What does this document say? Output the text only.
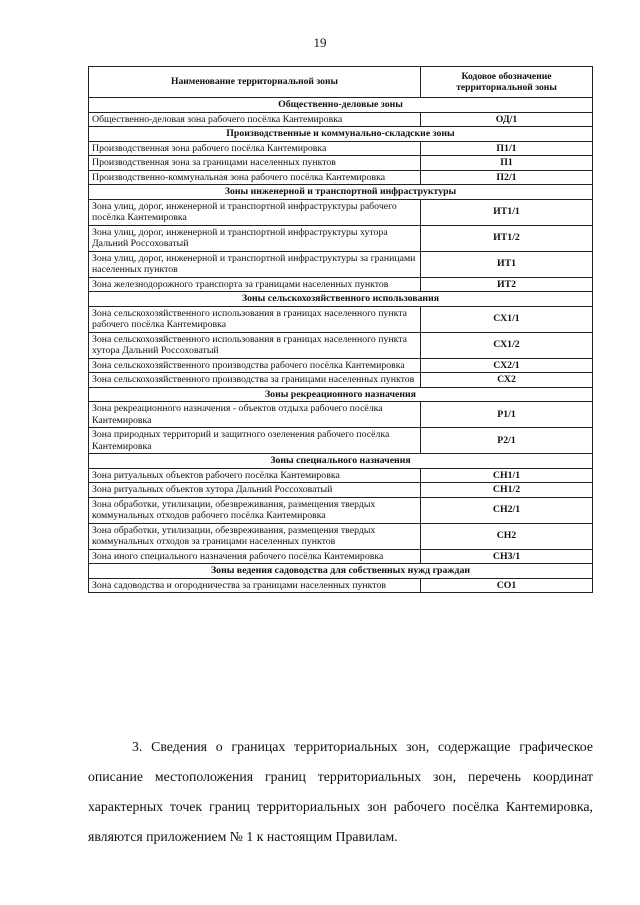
19
Наименование территориальной зоны	Кодовое обозначение территориальной зоны
Общественно-деловые зоны	
Общественно-деловая зона рабочего посёлка Кантемировка	ОД/1
Производственные и коммунально-складские зоны	
Производственная зона рабочего посёлка Кантемировка	П1/1
Производственная зона за границами населенных пунктов	П1
Производственно-коммунальная зона рабочего посёлка Кантемировка	П2/1
Зоны инженерной и транспортной инфраструктуры	
Зона улиц, дорог, инженерной и транспортной инфраструктуры рабочего посёлка Кантемировка	ИТ1/1
Зона улиц, дорог, инженерной и транспортной инфраструктуры хутора Дальний Россоховатый	ИТ1/2
Зона улиц, дорог, инженерной и транспортной инфраструктуры за границами населенных пунктов	ИТ1
Зона железнодорожного транспорта за границами населенных пунктов	ИТ2
Зоны сельскохозяйственного использования	
Зона сельскохозяйственного использования в границах населенного пункта рабочего посёлка Кантемировка	СХ1/1
Зона сельскохозяйственного использования в границах населенного пункта хутора Дальний Россоховатый	СХ1/2
Зона сельскохозяйственного производства рабочего посёлка Кантемировка	СХ2/1
Зона сельскохозяйственного производства за границами населенных пунктов	СХ2
Зоны рекреационного назначения	
Зона рекреационного назначения - объектов отдыха рабочего посёлка Кантемировка	Р1/1
Зона природных территорий и защитного озеленения рабочего посёлка Кантемировка	Р2/1
Зоны специального назначения	
Зона ритуальных объектов рабочего посёлка Кантемировка	СН1/1
Зона ритуальных объектов хутора Дальний Россоховатый	СН1/2
Зона обработки, утилизации, обезвреживания, размещения твердых коммунальных отходов рабочего посёлка Кантемировка	СН2/1
Зона обработки, утилизации, обезвреживания, размещения твердых коммунальных отходов за границами населенных пунктов	СН2
Зона иного специального назначения рабочего посёлка Кантемировка	СН3/1
Зоны ведения садоводства для собственных нужд граждан	
Зона садоводства и огородничества за границами населенных пунктов	СО1
3. Сведения о границах территориальных зон, содержащие графическое описание местоположения границ территориальных зон, перечень координат характерных точек границ территориальных зон рабочего посёлка Кантемировка, являются приложением № 1 к настоящим Правилам.
